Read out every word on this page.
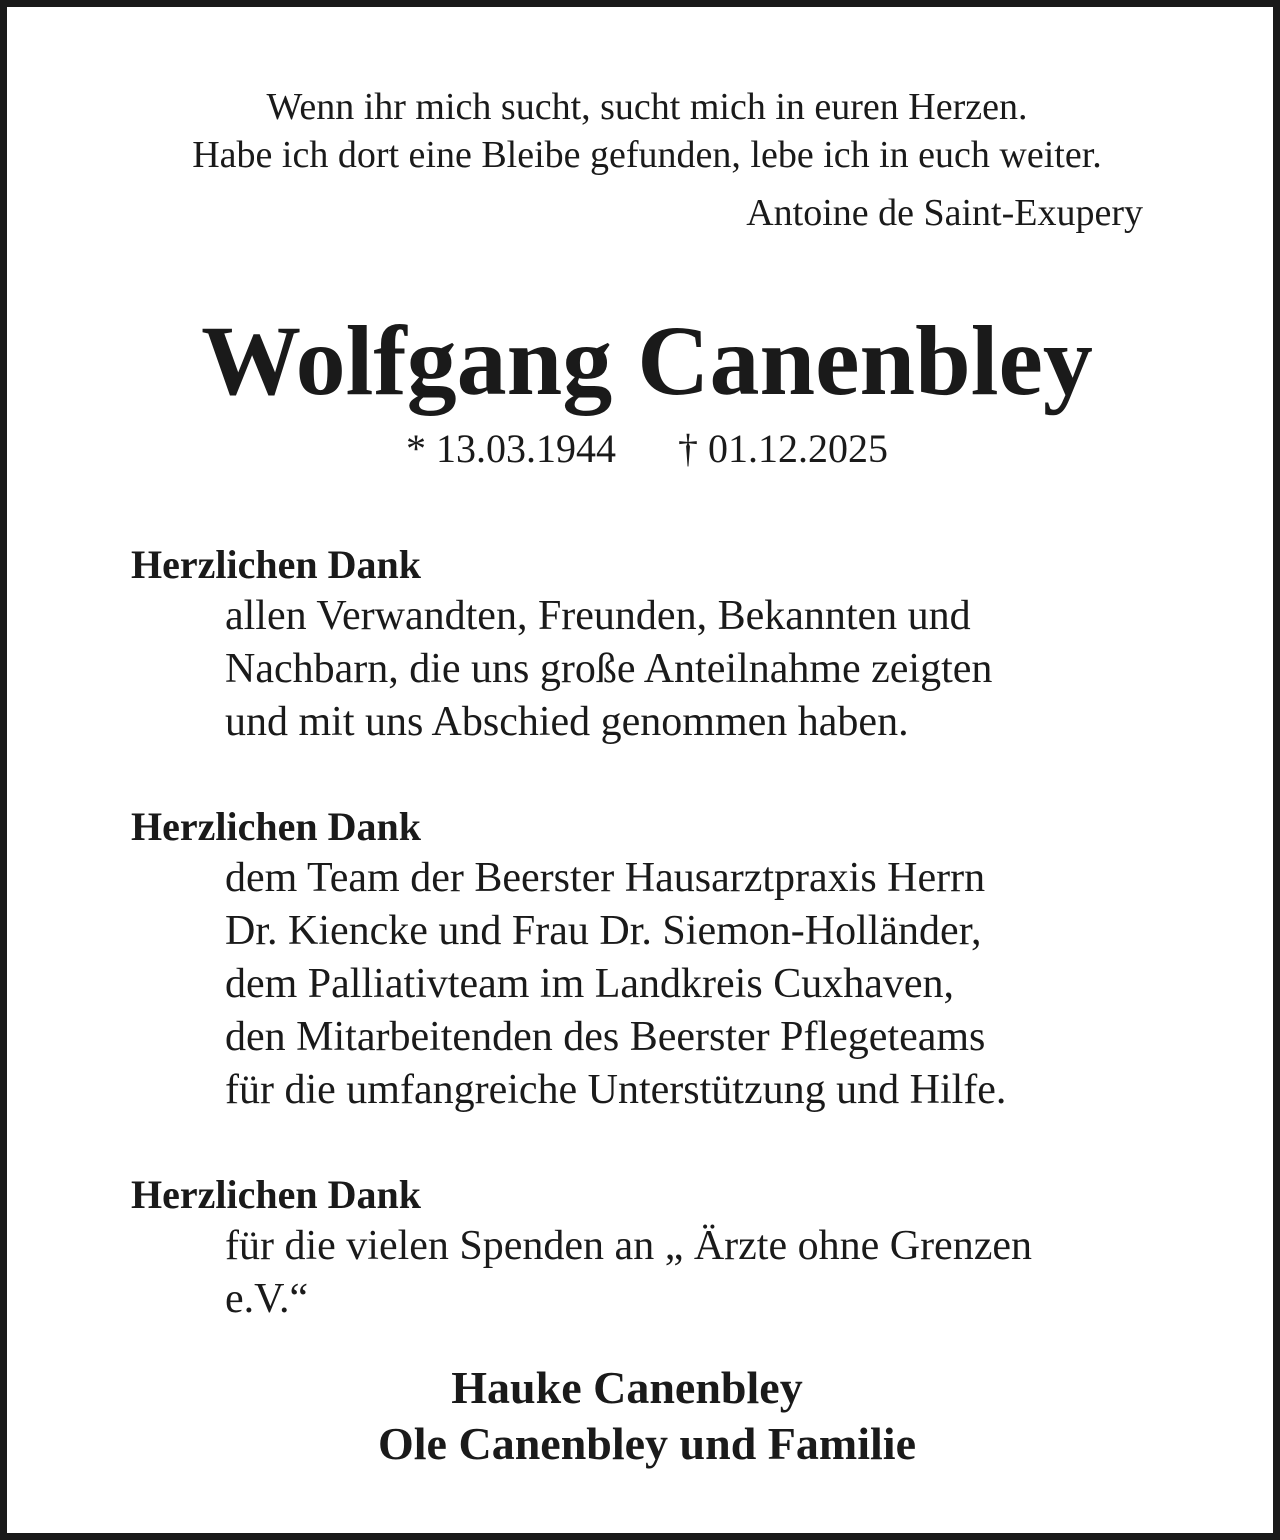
Wenn ihr mich sucht, sucht mich in euren Herzen.

Habe ich dort eine Bleibe gefunden, lebe ich in euch weiter.

Antoine de Saint-Exupery

Wolfgang Canenbley
* 13.03.1944 † 01.12.2025
Herzlichen Dank
allen Verwandten, Freunden, Bekannten und
Nachbarn, die uns große Anteilnahme zeigten
und mit uns Abschied genommen haben.
Herzlichen Dank
dem Team der Beerster Hausarztpraxis Herrn
Dr. Kiencke und Frau Dr. Siemon-Holländer,
dem Palliativteam im Landkreis Cuxhaven,
den Mitarbeitenden des Beerster Pflegeteams
für die umfangreiche Unterstützung und Hilfe.
Herzlichen Dank
für die vielen Spenden an „ Ärzte ohne Grenzen
e.V.“
Hauke Canenbley
Ole Canenbley und Familie
